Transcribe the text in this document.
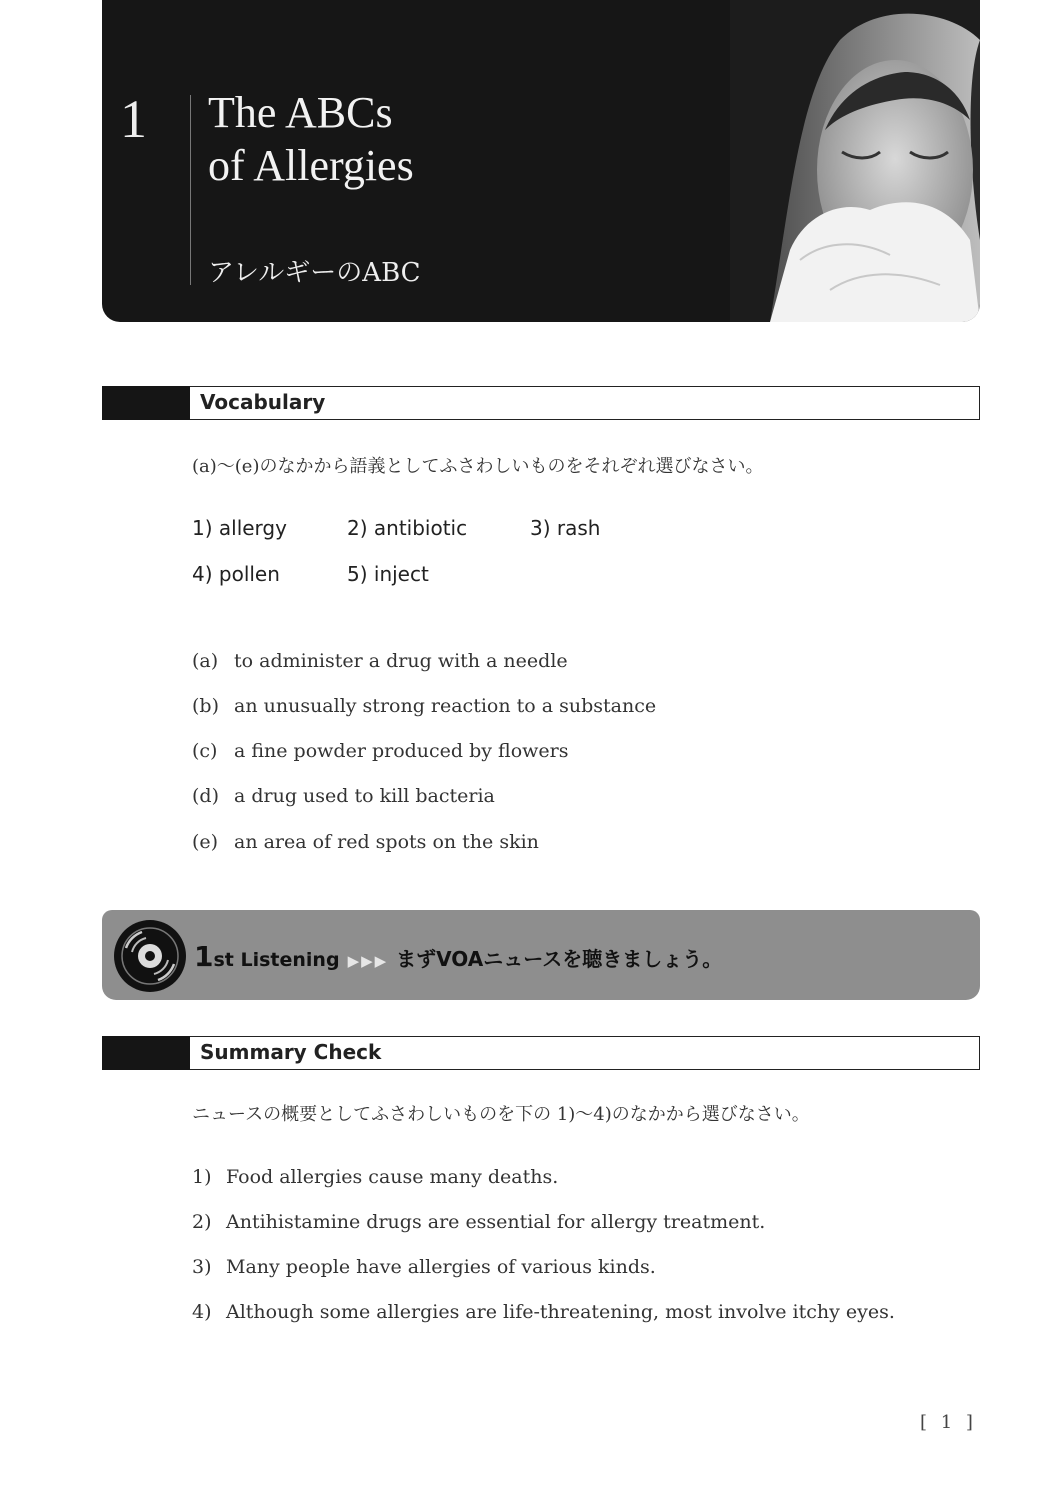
1 The ABCs
of Allergies
アレルギーのABC
Vocabulary
(a)～(e)のなかから語義としてふさわしいものをそれぞれ選びなさい。
1) allergy	2) antibiotic	3) rash
4) pollen	5) inject
(a) to administer a drug with a needle
(b) an unusually strong reaction to a substance
(c) a fine powder produced by flowers
(d) a drug used to kill bacteria
(e) an area of red spots on the skin
1st Listening ▶▶▶ まずVOAニュースを聴きましょう。
Summary Check
ニュースの概要としてふさわしいものを下の 1)～4)のなかから選びなさい。
1) Food allergies cause many deaths.
2) Antihistamine drugs are essential for allergy treatment.
3) Many people have allergies of various kinds.
4) Although some allergies are life-threatening, most involve itchy eyes.
[ 1 ]
